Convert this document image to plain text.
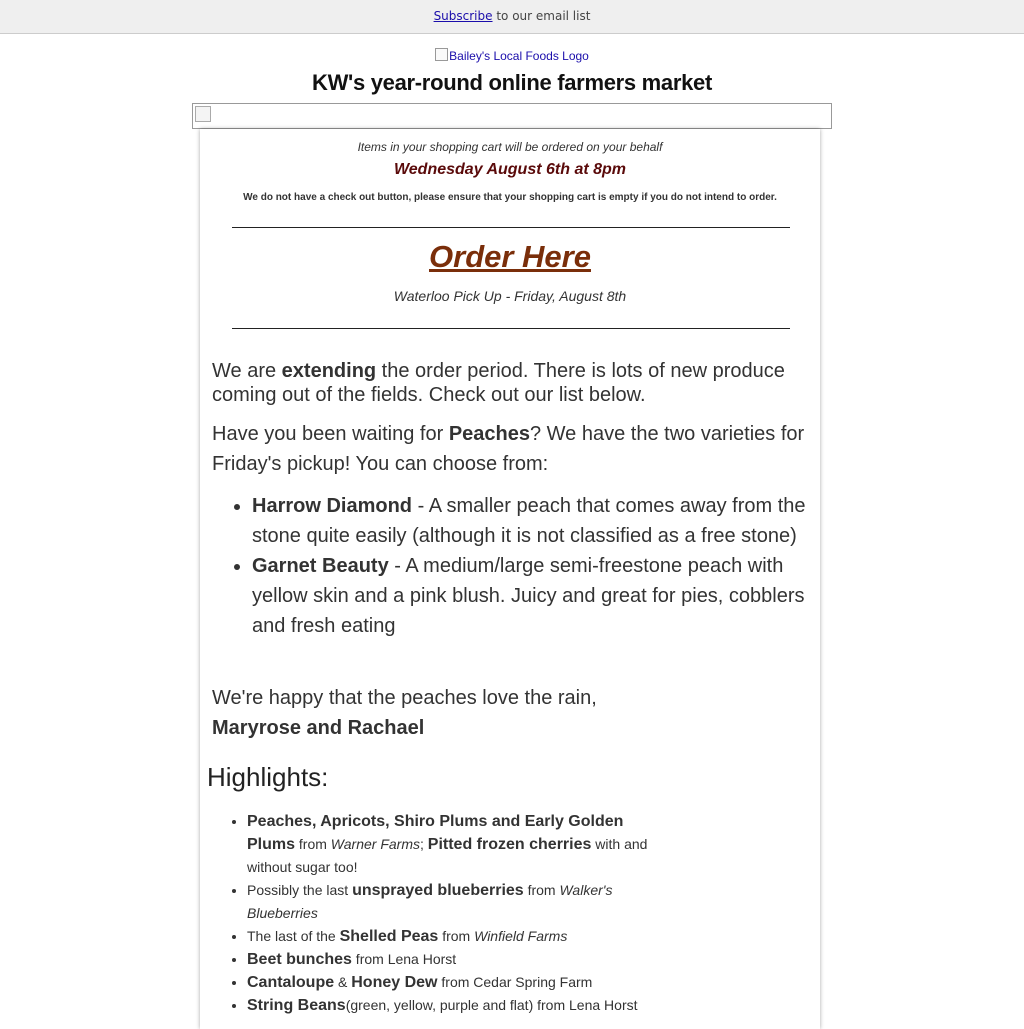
Subscribe to our email list
Bailey's Local Foods Logo
KW's year-round online farmers market
Items in your shopping cart will be ordered on your behalf
Wednesday August 6th at 8pm
We do not have a check out button, please ensure that your shopping cart is empty if you do not intend to order.
Order Here
Waterloo Pick Up - Friday, August 8th
We are extending the order period. There is lots of new produce coming out of the fields. Check out our list below.
Have you been waiting for Peaches? We have the two varieties for Friday's pickup! You can choose from:
• Harrow Diamond - A smaller peach that comes away from the stone quite easily (although it is not classified as a free stone)
• Garnet Beauty - A medium/large semi-freestone peach with yellow skin and a pink blush. Juicy and great for pies, cobblers and fresh eating
We're happy that the peaches love the rain,
Maryrose and Rachael
Highlights:
• Peaches, Apricots, Shiro Plums and Early Golden Plums from Warner Farms; Pitted frozen cherries with and without sugar too!
• Possibly the last unsprayed blueberries from Walker's Blueberries
• The last of the Shelled Peas from Winfield Farms
• Beet bunches from Lena Horst
• Cantaloupe & Honey Dew from Cedar Spring Farm
• String Beans(green, yellow, purple and flat) from Lena Horst
